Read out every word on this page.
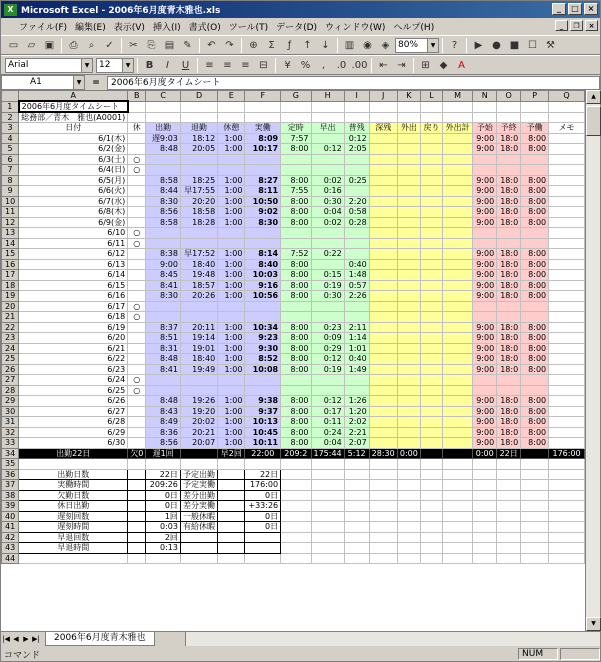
X Microsoft Excel - 2006年6月度青木雅也.xls	_	□	×
ファイル(F) 編集(E) 表示(V) 挿入(I) 書式(O) ツール(T) データ(D) ウィンドウ(W) ヘルプ(H)	_	❐	×
▭ ▱ ▣	⎙	⌕	✓	✂ ⎘ ▤ ✎	↶ ↷	⊕	Σ	ƒ	↑ ↓	▥ ◉ ◈ 80%	▼	?	▶ ● ■ ☐ ⚒
Arial	▼	12	▼	B	I	U	≡ ≡ ≡ ⊟	¥	%	,	.0 .00	⇤ ⇥	⊞ ◆	A
A1	▼	=	2006年6月度タイムシート
	A	B	C	D	E	F	G	H	I	J	K	L	M	N	O	P	Q
1	2006年6月度タイムシート																
2	総務部／青木　雅也(A0001)																
3	日付	休	出勤	退勤	休憩	実働	定時	早出	普残	深残	外出	戻り	外出計	予始	予終	予働	メモ
4	6/1(木)		遅9:03	18:12	1:00	8:09	7:57		0:12					9:00	18:0	8:00	
5	6/2(金)		8:48	20:05	1:00	10:17	8:00	0:12	2:05					9:00	18:0	8:00	
6	6/3(土)	○															
7	6/4(日)	○															
8	6/5(月)		8:58	18:25	1:00	8:27	8:00	0:02	0:25					9:00	18:0	8:00	
9	6/6(火)		8:44	早17:55	1:00	8:11	7:55	0:16						9:00	18:0	8:00	
10	6/7(水)		8:30	20:20	1:00	10:50	8:00	0:30	2:20					9:00	18:0	8:00	
11	6/8(木)		8:56	18:58	1:00	9:02	8:00	0:04	0:58					9:00	18:0	8:00	
12	6/9(金)		8:58	18:28	1:00	8:30	8:00	0:02	0:28					9:00	18:0	8:00	
13	6/10	○															
14	6/11	○															
15	6/12		8:38	早17:52	1:00	8:14	7:52	0:22						9:00	18:0	8:00	
16	6/13		9:00	18:40	1:00	8:40	8:00		0:40					9:00	18:0	8:00	
17	6/14		8:45	19:48	1:00	10:03	8:00	0:15	1:48					9:00	18:0	8:00	
18	6/15		8:41	18:57	1:00	9:16	8:00	0:19	0:57					9:00	18:0	8:00	
19	6/16		8:30	20:26	1:00	10:56	8:00	0:30	2:26					9:00	18:0	8:00	
20	6/17	○															
21	6/18	○															
22	6/19		8:37	20:11	1:00	10:34	8:00	0:23	2:11					9:00	18:0	8:00	
23	6/20		8:51	19:14	1:00	9:23	8:00	0:09	1:14					9:00	18:0	8:00	
24	6/21		8:31	19:01	1:00	9:30	8:00	0:29	1:01					9:00	18:0	8:00	
25	6/22		8:48	18:40	1:00	8:52	8:00	0:12	0:40					9:00	18:0	8:00	
26	6/23		8:41	19:49	1:00	10:08	8:00	0:19	1:49					9:00	18:0	8:00	
27	6/24	○															
28	6/25	○															
29	6/26		8:48	19:26	1:00	9:38	8:00	0:12	1:26					9:00	18:0	8:00	
30	6/27		8:43	19:20	1:00	9:37	8:00	0:17	1:20					9:00	18:0	8:00	
31	6/28		8:49	20:02	1:00	10:13	8:00	0:11	2:02					9:00	18:0	8:00	
32	6/29		8:36	20:21	1:00	10:45	8:00	0:24	2:21					9:00	18:0	8:00	
33	6/30		8:56	20:07	1:00	10:11	8:00	0:04	2:07					9:00	18:0	8:00	
34	出勤22日	欠0	遅1回		早2回	22:00	209:2	175:44	5:12	28:30	0:00			0:00	22日		176:00
35																	
36	出勤日数		22日	予定出勤		22日											
37	実働時間		209:26	予定実働		176:00											
38	欠勤日数		0日	差分出勤		0日											
39	休日出勤		0日	差分実働		+33:26											
40	遅刻回数		1回	一般休暇		0日											
41	遅刻時間		0:03	有給休暇		0日											
42	早退回数		2回														
43	早退時間		0:13														
44																	
▲
▼
|◀ ◀ ▶ ▶|	2006年6月度青木雅也
コマンド	NUM
